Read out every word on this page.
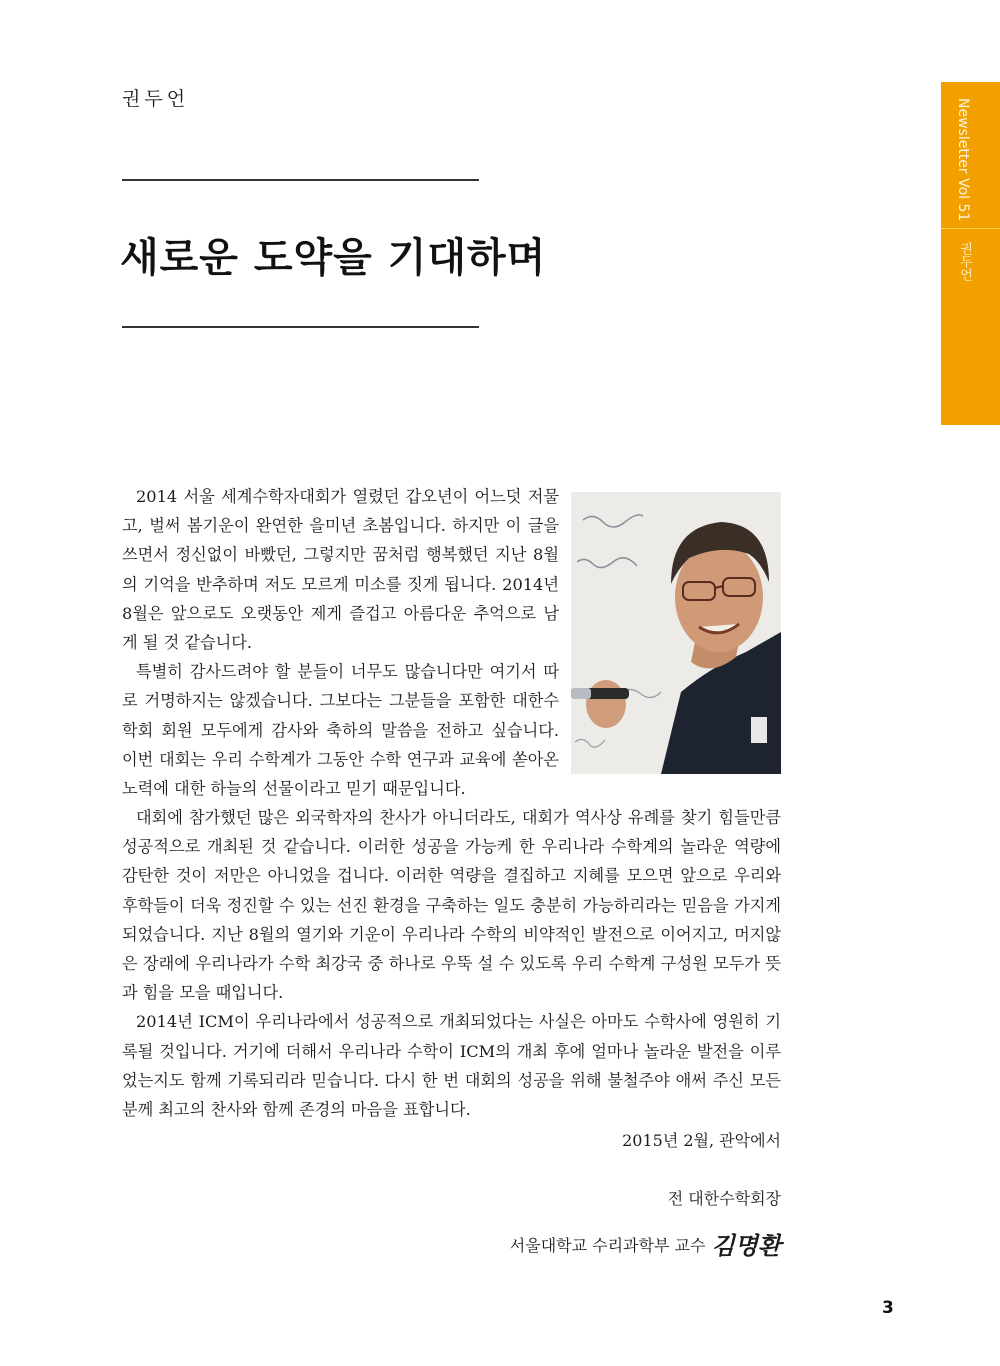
권두언
새로운 도약을 기대하며
Newsletter Vol 51
권두언

2014 서울 세계수학자대회가 열렸던 갑오년이 어느덧 저물고, 벌써 봄기운이 완연한 을미년 초봄입니다. 하지만 이 글을 쓰면서 정신없이 바빴던, 그렇지만 꿈처럼 행복했던 지난 8월의 기억을 반추하며 저도 모르게 미소를 짓게 됩니다. 2014년 8월은 앞으로도 오랫동안 제게 즐겁고 아름다운 추억으로 남게 될 것 같습니다.

특별히 감사드려야 할 분들이 너무도 많습니다만 여기서 따로 거명하지는 않겠습니다. 그보다는 그분들을 포함한 대한수학회 회원 모두에게 감사와 축하의 말씀을 전하고 싶습니다. 이번 대회는 우리 수학계가 그동안 수학 연구과 교육에 쏟아온 노력에 대한 하늘의 선물이라고 믿기 때문입니다.

대회에 참가했던 많은 외국학자의 찬사가 아니더라도, 대회가 역사상 유례를 찾기 힘들만큼 성공적으로 개최된 것 같습니다. 이러한 성공을 가능케 한 우리나라 수학계의 놀라운 역량에 감탄한 것이 저만은 아니었을 겁니다. 이러한 역량을 결집하고 지혜를 모으면 앞으로 우리와 후학들이 더욱 정진할 수 있는 선진 환경을 구축하는 일도 충분히 가능하리라는 믿음을 가지게 되었습니다. 지난 8월의 열기와 기운이 우리나라 수학의 비약적인 발전으로 이어지고, 머지않은 장래에 우리나라가 수학 최강국 중 하나로 우뚝 설 수 있도록 우리 수학계 구성원 모두가 뜻과 힘을 모을 때입니다.

2014년 ICM이 우리나라에서 성공적으로 개최되었다는 사실은 아마도 수학사에 영원히 기록될 것입니다. 거기에 더해서 우리나라 수학이 ICM의 개최 후에 얼마나 놀라운 발전을 이루었는지도 함께 기록되리라 믿습니다. 다시 한 번 대회의 성공을 위해 불철주야 애써 주신 모든 분께 최고의 찬사와 함께 존경의 마음을 표합니다.

2015년 2월, 관악에서
전 대한수학회장
서울대학교 수리과학부 교수 김명환
3
